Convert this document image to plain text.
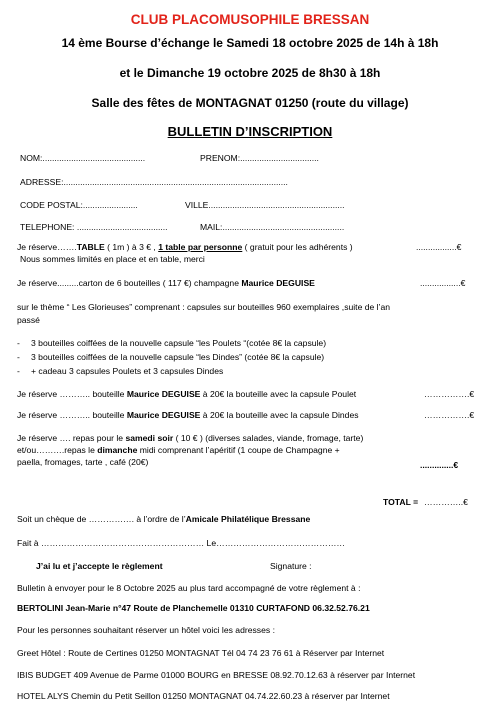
CLUB PLACOMUSOPHILE BRESSAN
14 ème Bourse d’échange le Samedi 18 octobre 2025 de 14h à 18h
et le Dimanche 19 octobre 2025 de 8h30 à 18h
Salle des fêtes de MONTAGNAT 01250 (route du village)
BULLETIN D’INSCRIPTION
NOM:...........................................	PRENOM:.................................
ADRESSE:..............................................................................................
CODE POSTAL:.......................	VILLE.........................................................
TELEPHONE: ......................................	MAIL:...................................................
Je réserve…….TABLE ( 1m ) à 3 € , 1 table par personne ( gratuit pour les adhérents )	.................€
Nous sommes limités en place et en table, merci
Je réserve.........carton de 6 bouteilles ( 117 €) champagne Maurice DEGUISE	.................€
sur le thème “ Les Glorieuses” comprenant : capsules sur bouteilles 960 exemplaires ,suite de l’an
passé
- 3 bouteilles coiffées de la nouvelle capsule “les Poulets “(cotée 8€ la capsule)
- 3 bouteilles coiffées de la nouvelle capsule “les Dindes” (cotée 8€ la capsule)
- + cadeau 3 capsules Poulets et 3 capsules Dindes
Je réserve ……….. bouteille Maurice DEGUISE à 20€ la bouteille avec la capsule Poulet	…………….€
Je réserve ……….. bouteille Maurice DEGUISE à 20€ la bouteille avec la capsule Dindes	…………….€
Je réserve …. repas pour le samedi soir ( 10 € ) (diverses salades, viande, fromage, tarte)
et/ou……….repas le dimanche midi comprenant l’apéritif (1 coupe de Champagne +
paella, fromages, tarte , café (20€)	..............€
TOTAL = …………..€
Soit un chèque de ……………. à l’ordre de l’Amicale Philatélique Bressane
Fait à ………………………………………………… Le………………………………………
J’ai lu et j’accepte le règlement	Signature :
Bulletin à envoyer pour le 8 Octobre 2025 au plus tard accompagné de votre règlement à :
BERTOLINI Jean-Marie n°47 Route de Planchemelle 01310 CURTAFOND 06.32.52.76.21
Pour les personnes souhaitant réserver un hôtel voici les adresses :
Greet Hôtel : Route de Certines 01250 MONTAGNAT Tél 04 74 23 76 61 à Réserver par Internet
IBIS BUDGET 409 Avenue de Parme 01000 BOURG en BRESSE 08.92.70.12.63 à réserver par Internet
HOTEL ALYS Chemin du Petit Seillon 01250 MONTAGNAT 04.74.22.60.23 à réserver par Internet
